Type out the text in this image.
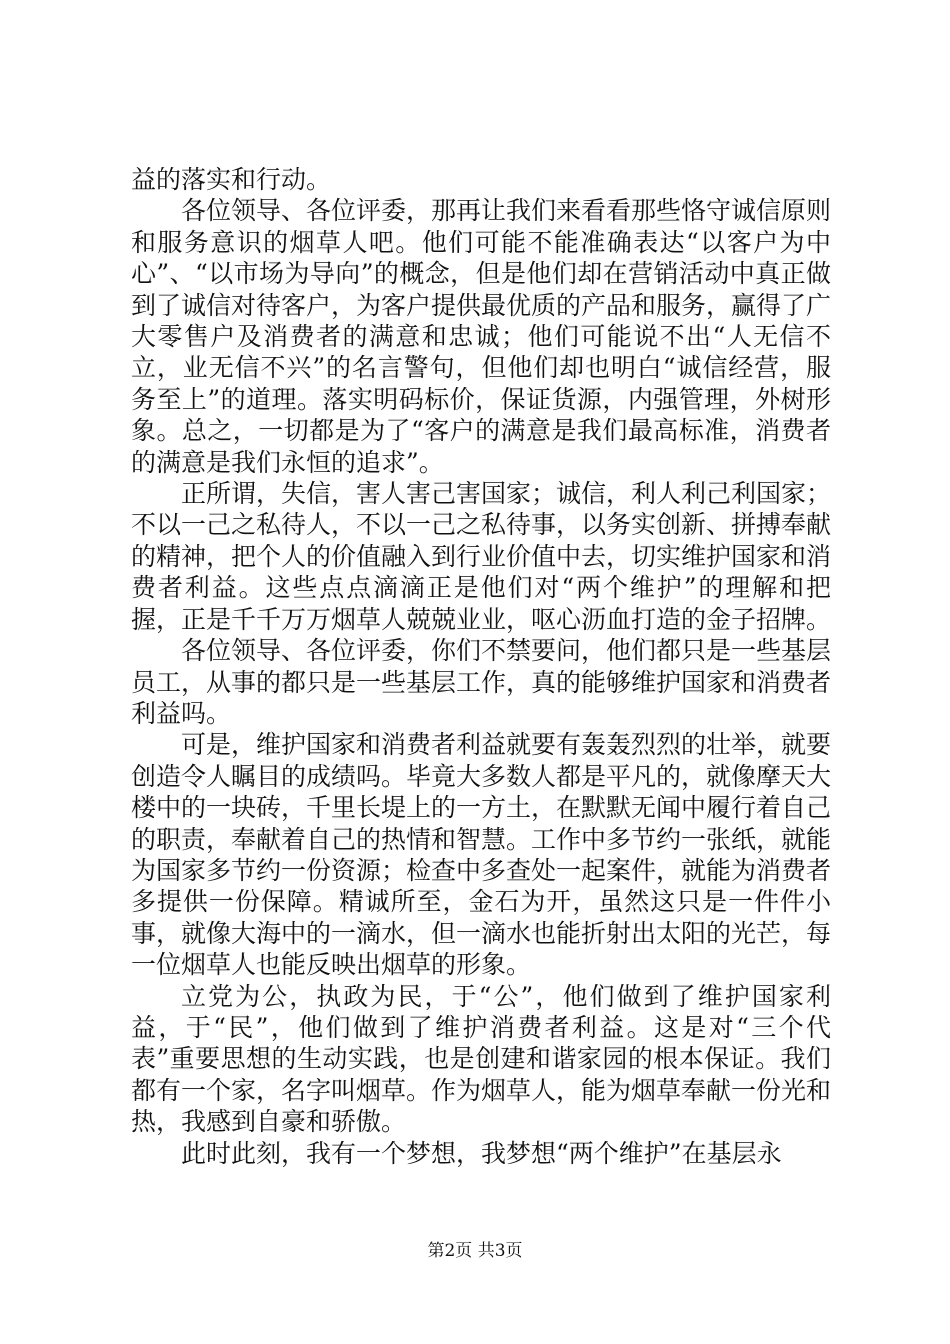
益的落实和行动。

各位领导、各位评委，那再让我们来看看那些恪守诚信原则和服务意识的烟草人吧。他们可能不能准确表达“以客户为中心”、“以市场为导向”的概念，但是他们却在营销活动中真正做到了诚信对待客户，为客户提供最优质的产品和服务，赢得了广大零售户及消费者的满意和忠诚；他们可能说不出“人无信不立，业无信不兴”的名言警句，但他们却也明白“诚信经营，服务至上”的道理。落实明码标价，保证货源，内强管理，外树形象。总之，一切都是为了“客户的满意是我们最高标准，消费者的满意是我们永恒的追求”。

正所谓，失信，害人害己害国家；诚信，利人利己利国家；不以一己之私待人，不以一己之私待事，以务实创新、拼搏奉献的精神，把个人的价值融入到行业价值中去，切实维护国家和消费者利益。这些点点滴滴正是他们对“两个维护”的理解和把握，正是千千万万烟草人兢兢业业，呕心沥血打造的金子招牌。

各位领导、各位评委，你们不禁要问，他们都只是一些基层员工，从事的都只是一些基层工作，真的能够维护国家和消费者利益吗。

可是，维护国家和消费者利益就要有轰轰烈烈的壮举，就要创造令人瞩目的成绩吗。毕竟大多数人都是平凡的，就像摩天大楼中的一块砖，千里长堤上的一方土，在默默无闻中履行着自己的职责，奉献着自己的热情和智慧。工作中多节约一张纸，就能为国家多节约一份资源；检查中多查处一起案件，就能为消费者多提供一份保障。精诚所至，金石为开，虽然这只是一件件小事，就像大海中的一滴水，但一滴水也能折射出太阳的光芒，每一位烟草人也能反映出烟草的形象。

立党为公，执政为民，于“公”，他们做到了维护国家利益，于“民”，他们做到了维护消费者利益。这是对“三个代表”重要思想的生动实践，也是创建和谐家园的根本保证。我们都有一个家，名字叫烟草。作为烟草人，能为烟草奉献一份光和热，我感到自豪和骄傲。

此时此刻，我有一个梦想，我梦想“两个维护”在基层永

第2页 共3页
